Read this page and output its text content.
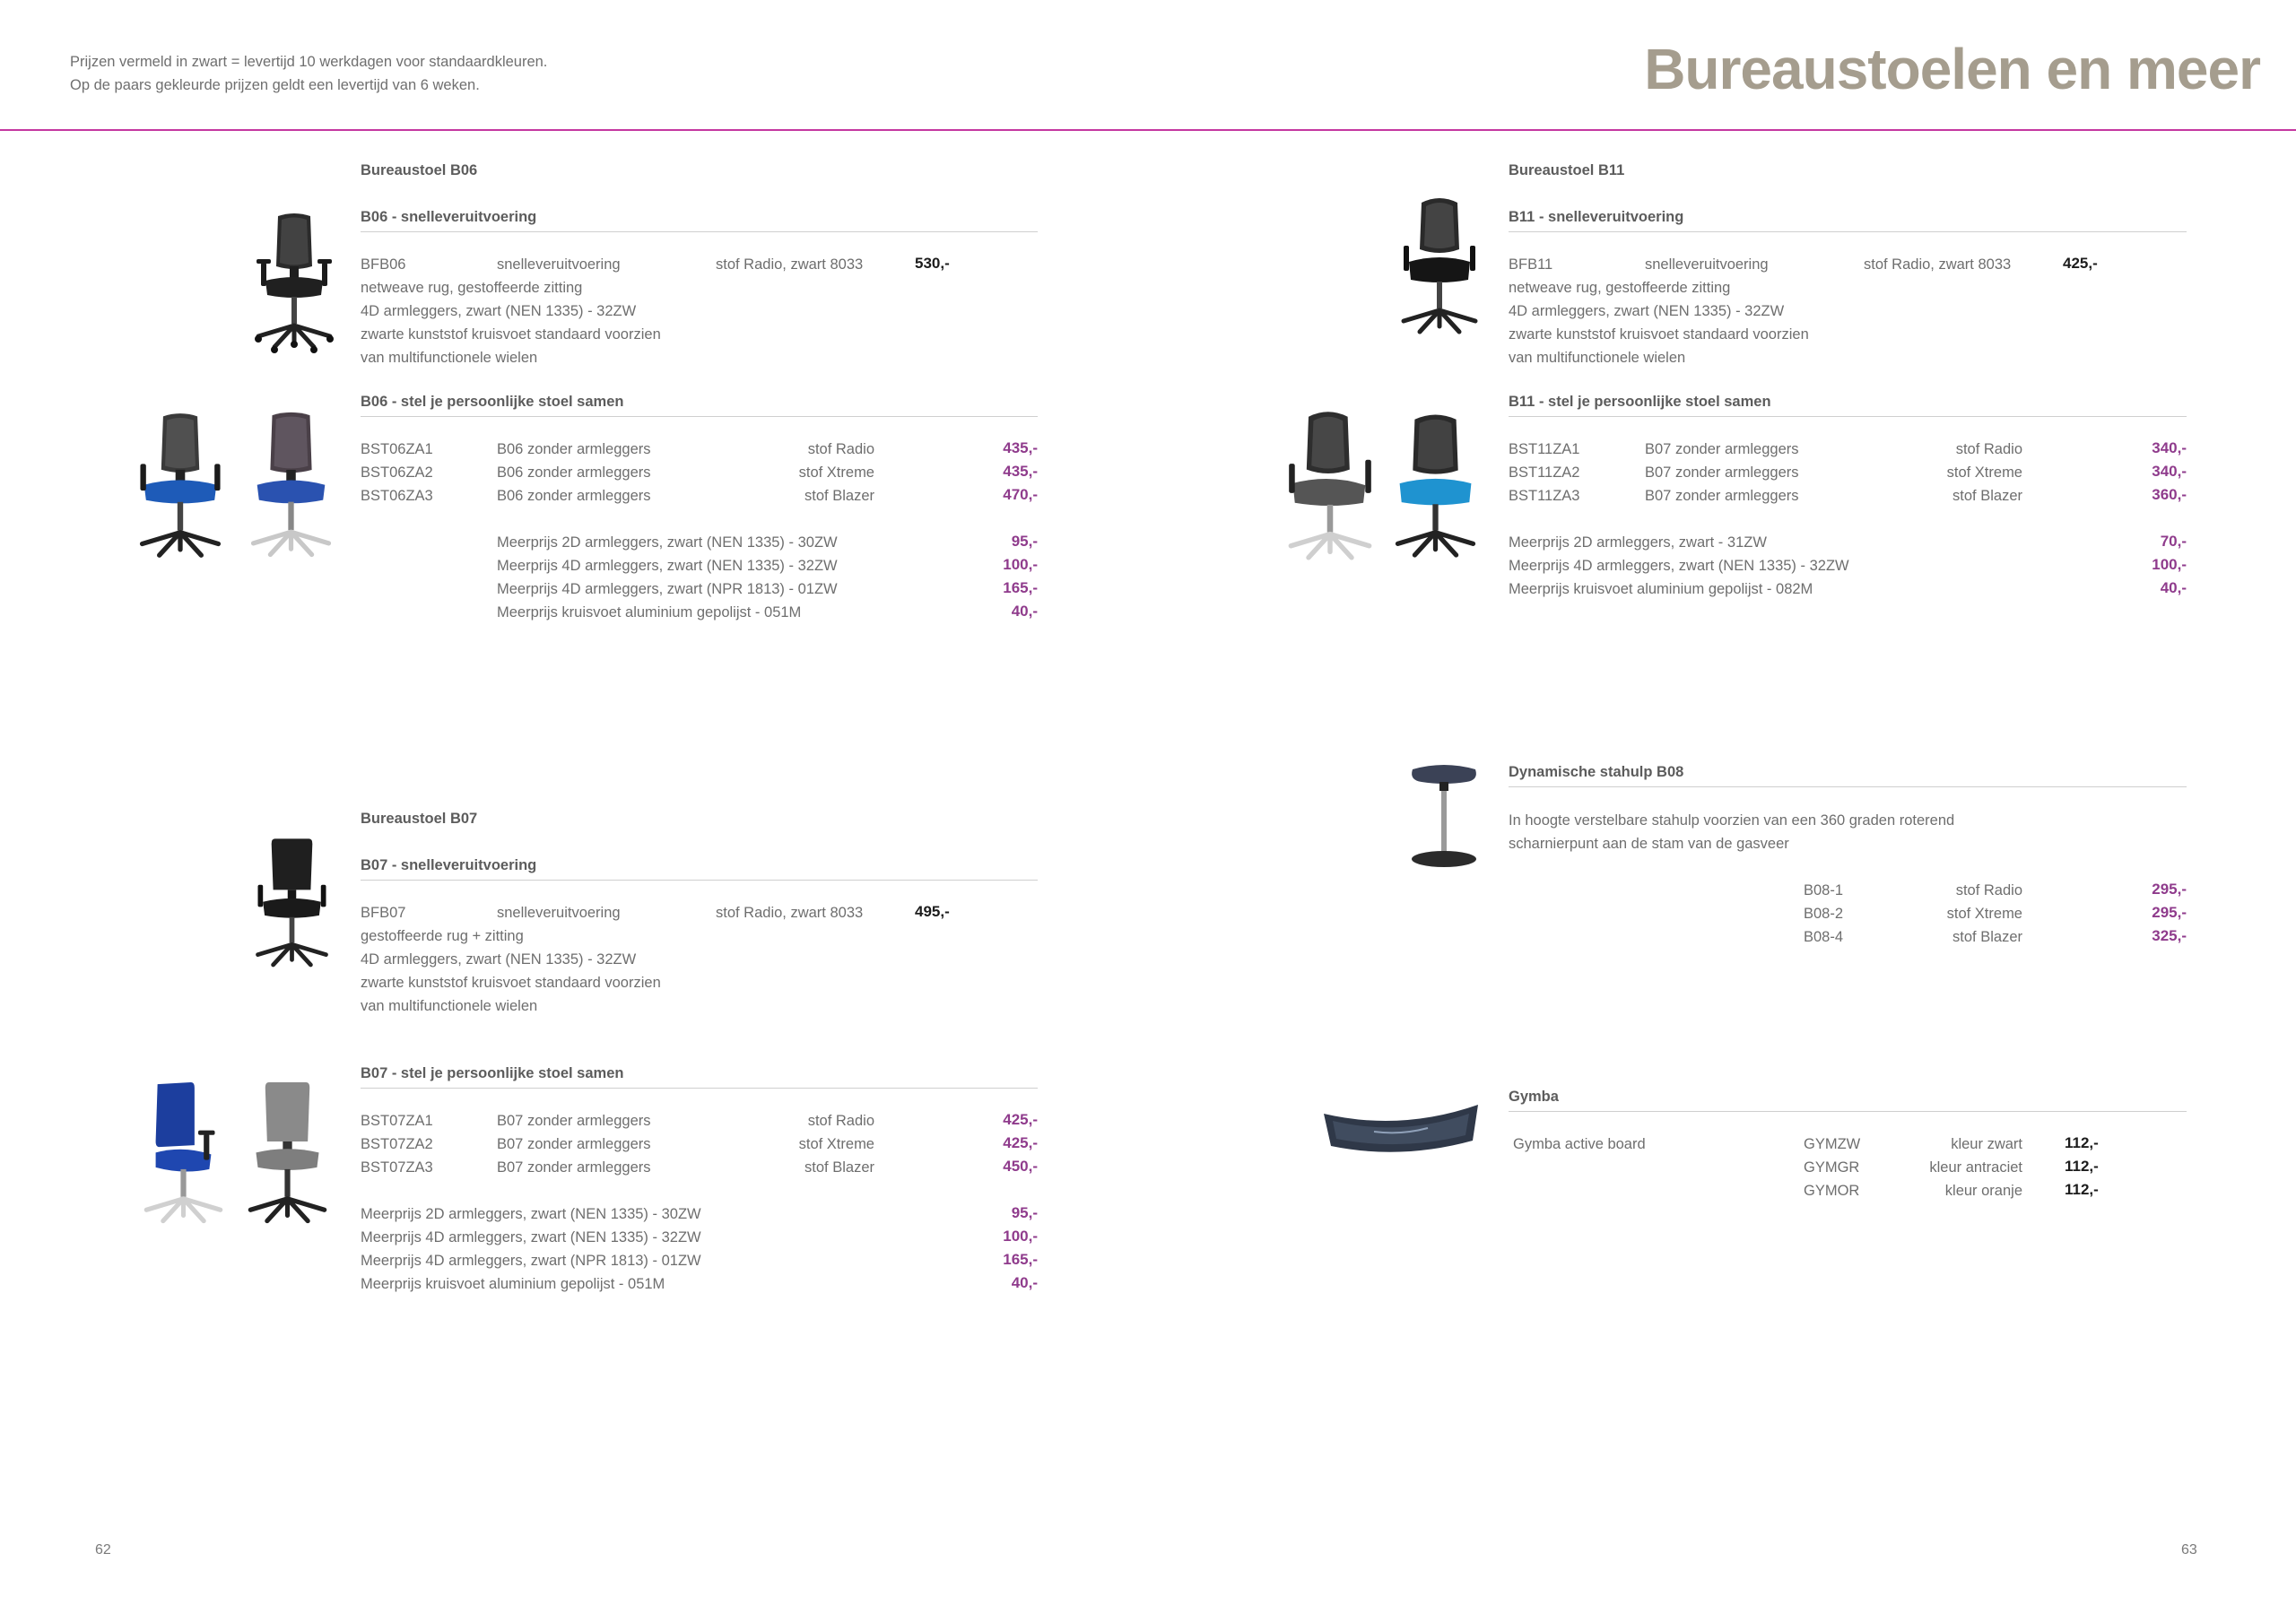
Prijzen vermeld in zwart = levertijd 10 werkdagen voor standaardkleuren.
Op de paars gekleurde prijzen geldt een levertijd van 6 weken.	Bureaustoelen en meer
Bureaustoel B06
B06 - snelleveruitvoering
BFB06	snelleveruitvoering	stof Radio, zwart 8033	530,-
netweave rug, gestoffeerde zitting
4D armleggers, zwart (NEN 1335) - 32ZW
zwarte kunststof kruisvoet standaard voorzien
van multifunctionele wielen
B06 - stel je persoonlijke stoel samen
BST06ZA1	B06 zonder armleggers	stof Radio	435,-
BST06ZA2	B06 zonder armleggers	stof Xtreme	435,-
BST06ZA3	B06 zonder armleggers	stof Blazer	470,-
Meerprijs 2D armleggers, zwart (NEN 1335) - 30ZW	95,-
Meerprijs 4D armleggers, zwart (NEN 1335) - 32ZW	100,-
Meerprijs 4D armleggers, zwart (NPR 1813) - 01ZW	165,-
Meerprijs kruisvoet aluminium gepolijst - 051M	40,-
Bureaustoel B07
B07 - snelleveruitvoering
BFB07	snelleveruitvoering	stof Radio, zwart 8033	495,-
gestoffeerde rug + zitting
4D armleggers, zwart (NEN 1335) - 32ZW
zwarte kunststof kruisvoet standaard voorzien
van multifunctionele wielen
B07 - stel je persoonlijke stoel samen
BST07ZA1	B07 zonder armleggers	stof Radio	425,-
BST07ZA2	B07 zonder armleggers	stof Xtreme	425,-
BST07ZA3	B07 zonder armleggers	stof Blazer	450,-
Meerprijs 2D armleggers, zwart (NEN 1335) - 30ZW	95,-
Meerprijs 4D armleggers, zwart (NEN 1335) - 32ZW	100,-
Meerprijs 4D armleggers, zwart (NPR 1813) - 01ZW	165,-
Meerprijs kruisvoet aluminium gepolijst - 051M	40,-
Bureaustoel B11
B11 - snelleveruitvoering
BFB11	snelleveruitvoering	stof Radio, zwart 8033	425,-
netweave rug, gestoffeerde zitting
4D armleggers, zwart (NEN 1335) - 32ZW
zwarte kunststof kruisvoet standaard voorzien
van multifunctionele wielen
B11 - stel je persoonlijke stoel samen
BST11ZA1	B07 zonder armleggers	stof Radio	340,-
BST11ZA2	B07 zonder armleggers	stof Xtreme	340,-
BST11ZA3	B07 zonder armleggers	stof Blazer	360,-
Meerprijs 2D armleggers, zwart - 31ZW	70,-
Meerprijs 4D armleggers, zwart (NEN 1335) - 32ZW	100,-
Meerprijs kruisvoet aluminium gepolijst - 082M	40,-
Dynamische stahulp B08
In hoogte verstelbare stahulp voorzien van een 360 graden roterend
scharnierpunt aan de stam van de gasveer
B08-1	stof Radio	295,-
B08-2	stof Xtreme	295,-
B08-4	stof Blazer	325,-
Gymba
Gymba active board	GYMZW	kleur zwart	112,-
GYMGR	kleur antraciet	112,-
GYMOR	kleur oranje	112,-
62	63
